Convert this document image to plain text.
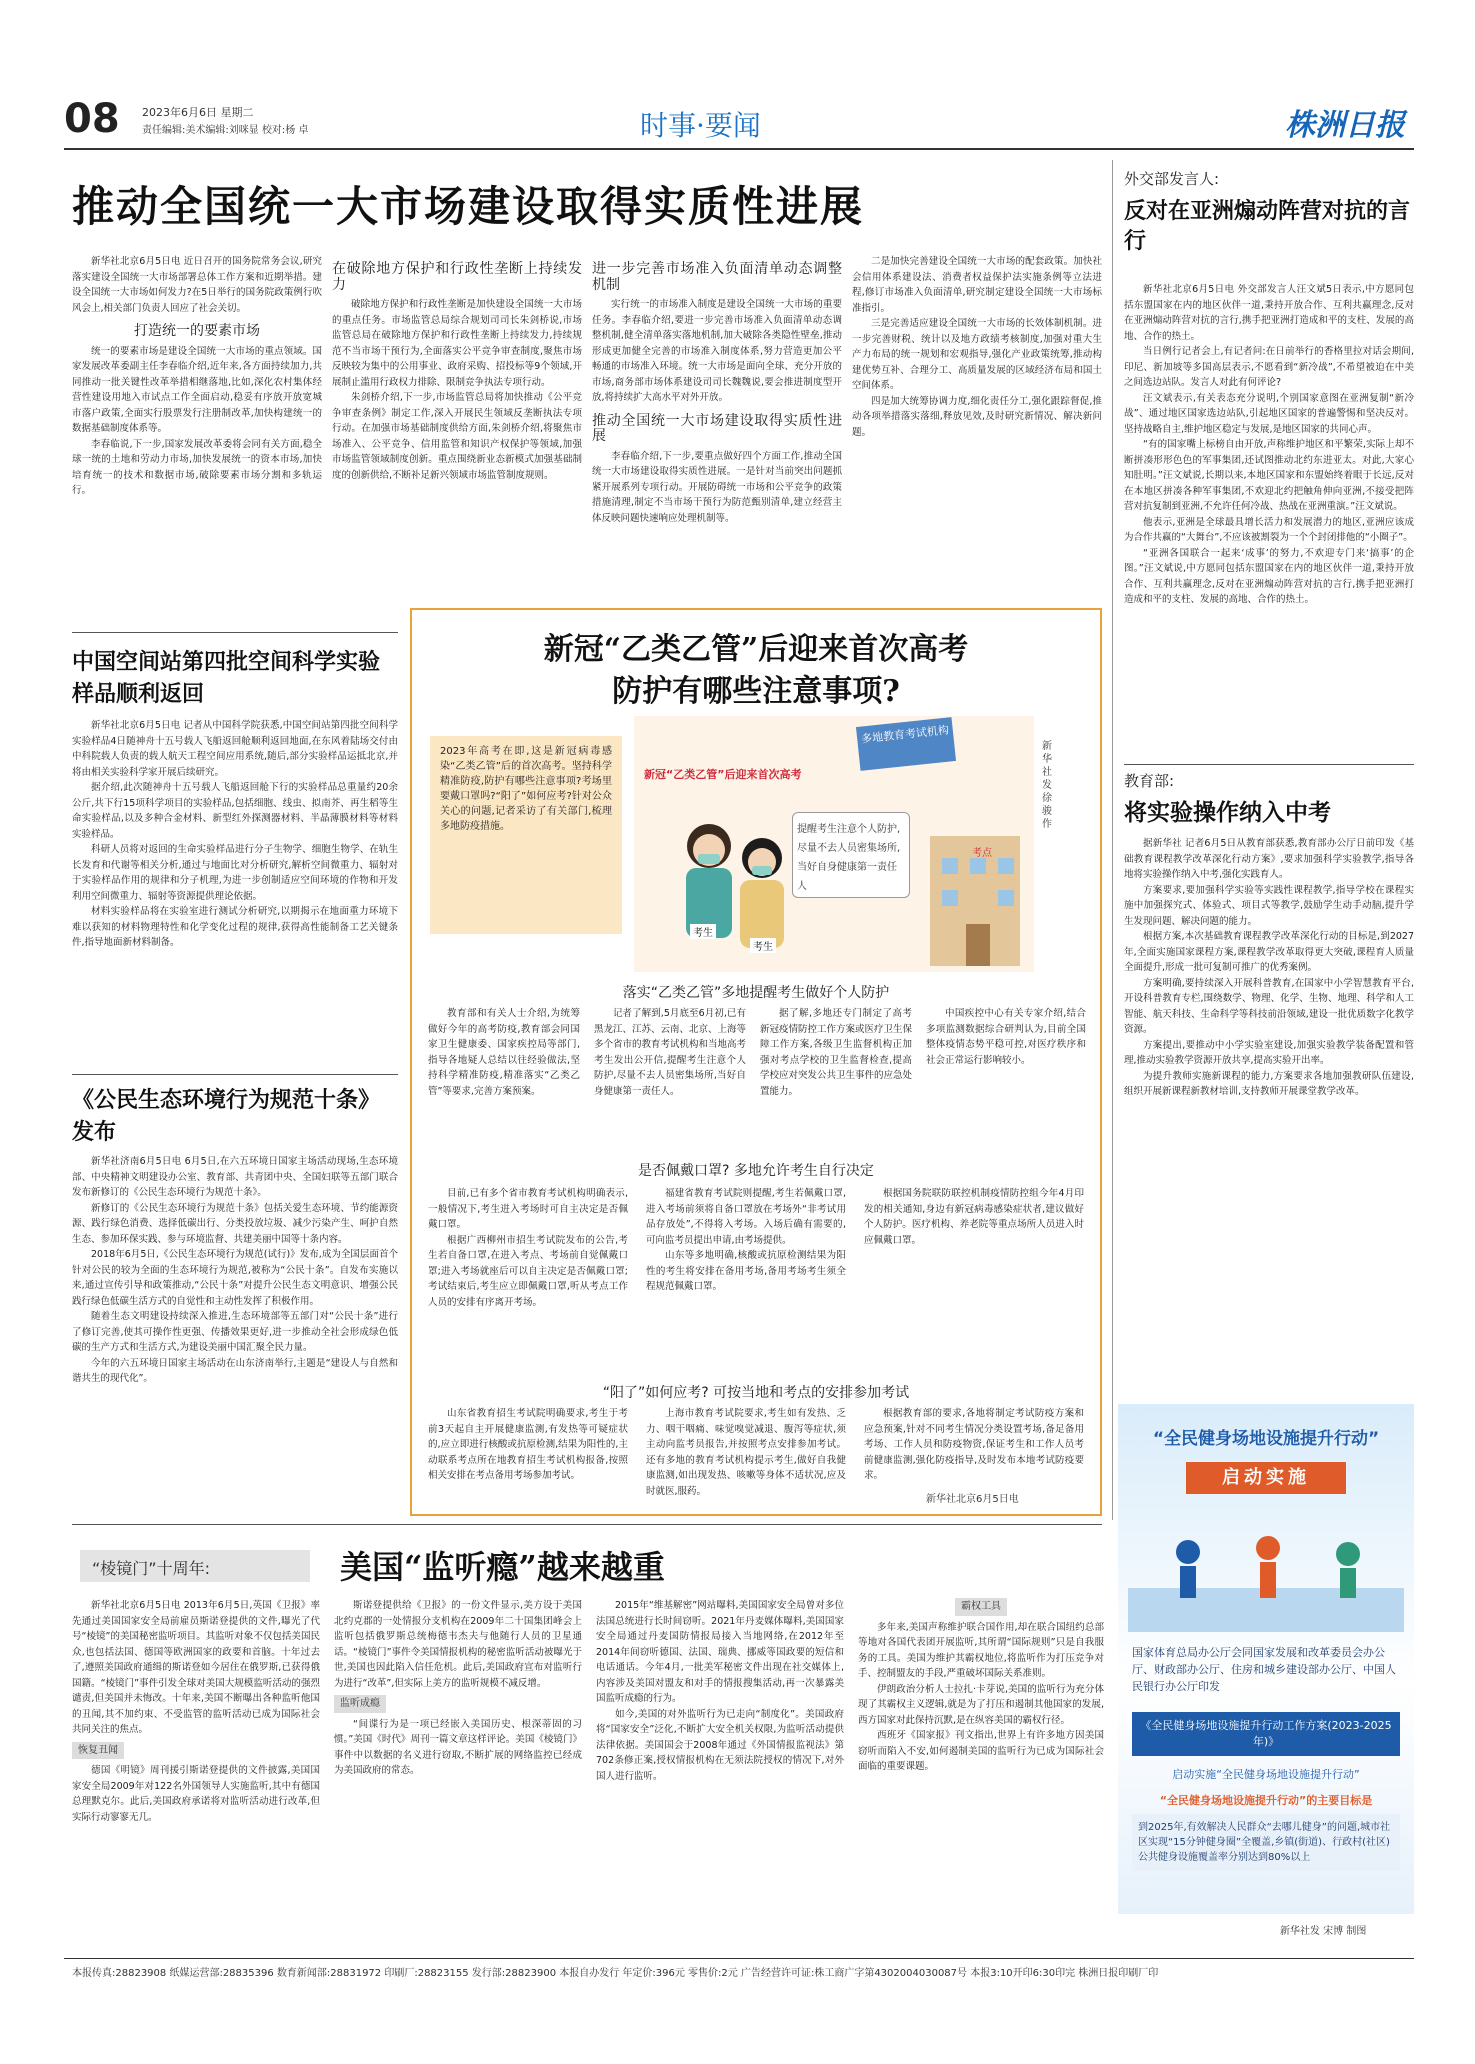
08 2023年6月6日 星期二
责任编辑:美术编辑:刘咪显 校对:杨 卓	时事·要闻	株洲日报
推动全国统一大市场建设取得实质性进展

新华社北京6月5日电 近日召开的国务院常务会议,研究落实建设全国统一大市场部署总体工作方案和近期举措。建设全国统一大市场如何发力?在5日举行的国务院政策例行吹风会上,相关部门负责人回应了社会关切。

打造统一的要素市场

统一的要素市场是建设全国统一大市场的重点领域。国家发展改革委副主任李春临介绍,近年来,各方面持续加力,共同推动一批关键性改革举措相继落地,比如,深化农村集体经营性建设用地入市试点工作全面启动,稳妥有序放开放宽城市落户政策,全面实行股票发行注册制改革,加快构建统一的数据基础制度体系等。

李春临说,下一步,国家发展改革委将会同有关方面,稳全球一统的土地和劳动力市场,加快发展统一的资本市场,加快培育统一的技术和数据市场,破除要素市场分割和多轨运行。

在破除地方保护和行政性垄断上持续发力

破除地方保护和行政性垄断是加快建设全国统一大市场的重点任务。市场监管总局综合规划司司长朱剑桥说,市场监管总局在破除地方保护和行政性垄断上持续发力,持续规范不当市场干预行为,全面落实公平竞争审查制度,聚焦市场反映较为集中的公用事业、政府采购、招投标等9个领域,开展制止滥用行政权力排除、限制竞争执法专项行动。

朱剑桥介绍,下一步,市场监管总局将加快推动《公平竞争审查条例》制定工作,深入开展民生领域反垄断执法专项行动。在加强市场基础制度供给方面,朱剑桥介绍,将聚焦市场准入、公平竞争、信用监管和知识产权保护等领域,加强市场监管领域制度创新。重点围绕新业态新模式加强基础制度的创新供给,不断补足新兴领域市场监管制度规则。

进一步完善市场准入负面清单动态调整机制

实行统一的市场准入制度是建设全国统一大市场的重要任务。李春临介绍,要进一步完善市场准入负面清单动态调整机制,健全清单落实落地机制,加大破除各类隐性壁垒,推动形成更加健全完善的市场准入制度体系,努力营造更加公平畅通的市场准入环境。统一大市场是面向全球、充分开放的市场,商务部市场体系建设司司长魏魏说,要会推进制度型开放,将持续扩大高水平对外开放。

推动全国统一大市场建设取得实质性进展

李春临介绍,下一步,要重点做好四个方面工作,推动全国统一大市场建设取得实质性进展。一是针对当前突出问题抓紧开展系列专项行动。开展防碍统一市场和公平竞争的政策措施清理,制定不当市场干预行为防范甄别清单,建立经营主体反映问题快速响应处理机制等。

二是加快完善建设全国统一大市场的配套政策。加快社会信用体系建设法、消费者权益保护法实施条例等立法进程,修订市场准入负面清单,研究制定建设全国统一大市场标准指引。

三是完善适应建设全国统一大市场的长效体制机制。进一步完善财税、统计以及地方政绩考核制度,加强对重大生产力布局的统一规划和宏观指导,强化产业政策统筹,推动构建优势互补、合理分工、高质量发展的区域经济布局和国土空间体系。

四是加大统筹协调力度,细化责任分工,强化跟踪督促,推动各项举措落实落细,释放见效,及时研究新情况、解决新问题。

外交部发言人:
反对在亚洲煽动阵营对抗的言行

新华社北京6月5日电 外交部发言人汪文斌5日表示,中方愿同包括东盟国家在内的地区伙伴一道,秉持开放合作、互利共赢理念,反对在亚洲煽动阵营对抗的言行,携手把亚洲打造成和平的支柱、发展的高地、合作的热土。

当日例行记者会上,有记者问:在日前举行的香格里拉对话会期间,印尼、新加坡等多国高层表示,不愿看到“新冷战”,不希望被迫在中美之间选边站队。发言人对此有何评论?

汪文斌表示,有关表态充分说明,个别国家意图在亚洲复制“新冷战”、通过地区国家选边站队,引起地区国家的普遍警惕和坚决反对。坚持战略自主,维护地区稳定与发展,是地区国家的共同心声。

“有的国家嘴上标榜自由开放,声称维护地区和平繁荣,实际上却不断拼凑形形色色的军事集团,还试图推动北约东进亚太。对此,大家心知肚明。”汪文斌说,长期以来,本地区国家和东盟始终着眼于长远,反对在本地区拼凑各种军事集团,不欢迎北约把触角伸向亚洲,不接受把阵营对抗复制到亚洲,不允许任何冷战、热战在亚洲重演。”汪文斌说。

他表示,亚洲是全球最具增长活力和发展潜力的地区,亚洲应该成为合作共赢的“大舞台”,不应该被割裂为一个个封闭排他的“小圈子”。

“亚洲各国联合一起来‘成事’的努力,不欢迎专门来‘搞事’的企图。”汪文斌说,中方愿同包括东盟国家在内的地区伙伴一道,秉持开放合作、互利共赢理念,反对在亚洲煽动阵营对抗的言行,携手把亚洲打造成和平的支柱、发展的高地、合作的热土。

教育部:
将实验操作纳入中考

据新华社 记者6月5日从教育部获悉,教育部办公厅日前印发《基础教育课程教学改革深化行动方案》,要求加强科学实验教学,指导各地将实验操作纳入中考,强化实践育人。

方案要求,要加强科学实验等实践性课程教学,指导学校在课程实施中加强探究式、体验式、项目式等教学,鼓励学生动手动脑,提升学生发现问题、解决问题的能力。

根据方案,本次基础教育课程教学改革深化行动的目标是,到2027年,全面实施国家课程方案,课程教学改革取得更大突破,课程育人质量全面提升,形成一批可复制可推广的优秀案例。

方案明确,要持续深入开展科普教育,在国家中小学智慧教育平台,开设科普教育专栏,围绕数学、物理、化学、生物、地理、科学和人工智能、航天科技、生命科学等科技前沿领域,建设一批优质数字化教学资源。

方案提出,要推动中小学实验室建设,加强实验教学装备配置和管理,推动实验教学资源开放共享,提高实验开出率。

为提升教师实施新课程的能力,方案要求各地加强教研队伍建设,组织开展新课程新教材培训,支持教师开展课堂教学改革。

中国空间站第四批空间科学实验样品顺利返回

新华社北京6月5日电 记者从中国科学院获悉,中国空间站第四批空间科学实验样品4日随神舟十五号载人飞船返回舱顺利返回地面,在东风着陆场交付由中科院载人负责的载人航天工程空间应用系统,随后,部分实验样品运抵北京,并将由相关实验科学家开展后续研究。

据介绍,此次随神舟十五号载人飞船返回舱下行的实验样品总重量约20余公斤,共下行15项科学项目的实验样品,包括细胞、线虫、拟南芥、再生稻等生命实验样品,以及多种合金材料、新型红外探测器材料、半晶薄膜材料等材料实验样品。

科研人员将对返回的生命实验样品进行分子生物学、细胞生物学、在轨生长发育和代谢等相关分析,通过与地面比对分析研究,解析空间微重力、辐射对于实验样品作用的规律和分子机理,为进一步创制适应空间环境的作物和开发利用空间微重力、辐射等资源提供理论依据。

材料实验样品将在实验室进行测试分析研究,以期揭示在地面重力环境下难以获知的材料物理特性和化学变化过程的规律,获得高性能制备工艺关键条件,指导地面新材料制备。

《公民生态环境行为规范十条》发布

新华社济南6月5日电 6月5日,在六五环境日国家主场活动现场,生态环境部、中央精神文明建设办公室、教育部、共青团中央、全国妇联等五部门联合发布新修订的《公民生态环境行为规范十条》。

新修订的《公民生态环境行为规范十条》包括关爱生态环境、节约能源资源、践行绿色消费、选择低碳出行、分类投放垃圾、减少污染产生、呵护自然生态、参加环保实践、参与环境监督、共建美丽中国等十条内容。

2018年6月5日,《公民生态环境行为规范(试行)》发布,成为全国层面首个针对公民的较为全面的生态环境行为规范,被称为“公民十条”。自发布实施以来,通过宣传引导和政策推动,“公民十条”对提升公民生态文明意识、增强公民践行绿色低碳生活方式的自觉性和主动性发挥了积极作用。

随着生态文明建设持续深入推进,生态环境部等五部门对“公民十条”进行了修订完善,使其可操作性更强、传播效果更好,进一步推动全社会形成绿色低碳的生产方式和生活方式,为建设美丽中国汇聚全民力量。

今年的六五环境日国家主场活动在山东济南举行,主题是“建设人与自然和谐共生的现代化”。

新冠“乙类乙管”后迎来首次高考
防护有哪些注意事项?
2023年高考在即,这是新冠病毒感染“乙类乙管”后的首次高考。坚持科学精准防疫,防护有哪些注意事项?考场里要戴口罩吗?“阳了”如何应考?针对公众关心的问题,记者采访了有关部门,梳理多地防疫措施。
多地教育考试机构
新冠“乙类乙管”后迎来首次高考
提醒考生注意个人防护,尽量不去人员密集场所,当好自身健康第一责任人
考生
考生
考点
新华社发 徐骏作
落实“乙类乙管”多地提醒考生做好个人防护

教育部和有关人士介绍,为统筹做好今年的高考防疫,教育部会同国家卫生健康委、国家疾控局等部门,指导各地疑人总结以往经验做法,坚持科学精准防疫,精准落实“乙类乙管”等要求,完善方案预案。

记者了解到,5月底至6月初,已有黑龙江、江苏、云南、北京、上海等多个省市的教育考试机构和当地高考考生发出公开信,提醒考生注意个人防护,尽量不去人员密集场所,当好自身健康第一责任人。

据了解,多地还专门制定了高考新冠疫情防控工作方案或医疗卫生保障工作方案,各级卫生监督机构正加强对考点学校的卫生监督检查,提高学校应对突发公共卫生事件的应急处置能力。

中国疾控中心有关专家介绍,结合多项监测数据综合研判认为,目前全国整体疫情态势平稳可控,对医疗秩序和社会正常运行影响较小。

是否佩戴口罩? 多地允许考生自行决定

目前,已有多个省市教育考试机构明确表示,一般情况下,考生进入考场时可自主决定是否佩戴口罩。

根据广西柳州市招生考试院发布的公告,考生若自备口罩,在进入考点、考场前自觉佩戴口罩;进入考场就座后可以自主决定是否佩戴口罩;考试结束后,考生应立即佩戴口罩,听从考点工作人员的安排有序离开考场。

福建省教育考试院则提醒,考生若佩戴口罩,进入考场前须将自备口罩放在考场外“非考试用品存放处”,不得将入考场。入场后确有需要的,可向监考员提出申请,由考场提供。

山东等多地明确,核酸或抗原检测结果为阳性的考生将安排在备用考场,备用考场考生须全程规范佩戴口罩。

根据国务院联防联控机制疫情防控组今年4月印发的相关通知,身边有新冠病毒感染症状者,建议做好个人防护。医疗机构、养老院等重点场所人员进入时应佩戴口罩。

“阳了”如何应考? 可按当地和考点的安排参加考试

山东省教育招生考试院明确要求,考生于考前3天起自主开展健康监测,有发热等可疑症状的,应立即进行核酸或抗原检测,结果为阳性的,主动联系考点所在地教育招生考试机构报备,按照相关安排在考点备用考场参加考试。

上海市教育考试院要求,考生如有发热、乏力、咽干咽痛、味觉嗅觉减退、腹泻等症状,须主动向监考员报告,并按照考点安排参加考试。还有多地的教育考试机构提示考生,做好自我健康监测,如出现发热、咳嗽等身体不适状况,应及时就医,服药。

根据教育部的要求,各地将制定考试防疫方案和应急预案,针对不同考生情况分类设置考场,备足备用考场、工作人员和防疫物资,保证考生和工作人员考前健康监测,强化防疫指导,及时发布本地考试防疫要求。

新华社北京6月5日电
“全民健身场地设施提升行动”
启动实施
国家体育总局办公厅会同国家发展和改革委员会办公厅、财政部办公厅、住房和城乡建设部办公厅、中国人民银行办公厅印发
《全民健身场地设施提升行动工作方案(2023-2025年)》
启动实施“全民健身场地设施提升行动”
“全民健身场地设施提升行动”的主要目标是
到2025年,有效解决人民群众“去哪儿健身”的问题,城市社区实现“15分钟健身圈”全覆盖,乡镇(街道)、行政村(社区)公共健身设施覆盖率分别达到80%以上
新华社发 宋博 制图
“棱镜门”十周年:	美国“监听瘾”越来越重

新华社北京6月5日电 2013年6月5日,英国《卫报》率先通过美国国家安全局前雇员斯诺登提供的文件,曝光了代号“棱镜”的美国秘密监听项目。其监听对象不仅包括美国民众,也包括法国、德国等欧洲国家的政要和首脑。十年过去了,遵照美国政府通缉的斯诺登如今居住在俄罗斯,已获得俄国籍。“棱镜门”事件引发全球对美国大规模监听活动的强烈谴责,但美国并未悔改。十年来,美国不断曝出各种监听他国的丑闻,其不加约束、不受监管的监听活动已成为国际社会共同关注的焦点。

恢复丑闻

德国《明镜》周刊援引斯诺登提供的文件披露,美国国家安全局2009年对122名外国领导人实施监听,其中有德国总理默克尔。此后,美国政府承诺将对监听活动进行改革,但实际行动寥寥无几。

斯诺登提供给《卫报》的一份文件显示,美方设于美国北约克郡的一处情报分支机构在2009年二十国集团峰会上监听包括俄罗斯总统梅德韦杰夫与他随行人员的卫星通话。“棱镜门”事件令美国情报机构的秘密监听活动被曝光于世,美国也因此陷入信任危机。此后,美国政府宣布对监听行为进行“改革”,但实际上美方的监听规模不减反增。

监听成瘾

“间谍行为是一项已经嵌入美国历史、根深蒂固的习惯。”美国《时代》周刊一篇文章这样评论。美国《棱镜门》事件中以数据的名义进行窃取,不断扩展的网络监控已经成为美国政府的常态。

2015年“维基解密”网站曝料,美国国家安全局曾对多位法国总统进行长时间窃听。2021年丹麦媒体曝料,美国国家安全局通过丹麦国防情报局接入当地网络,在2012年至2014年间窃听德国、法国、瑞典、挪威等国政要的短信和电话通话。今年4月,一批美军秘密文件出现在社交媒体上,内容涉及美国对盟友和对手的情报搜集活动,再一次暴露美国监听成瘾的行为。

如今,美国的对外监听行为已走向“制度化”。美国政府将“国家安全”泛化,不断扩大安全机关权限,为监听活动提供法律依据。美国国会于2008年通过《外国情报监视法》第702条修正案,授权情报机构在无须法院授权的情况下,对外国人进行监听。

霸权工具

多年来,美国声称维护联合国作用,却在联合国纽约总部等地对各国代表团开展监听,其所谓“国际规则”只是自我服务的工具。美国为维护其霸权地位,将监听作为打压竞争对手、控制盟友的手段,严重破坏国际关系准则。

伊朗政治分析人士拉扎·卡芽说,美国的监听行为充分体现了其霸权主义逻辑,就是为了打压和遏制其他国家的发展,西方国家对此保持沉默,是在纵容美国的霸权行径。

西班牙《国家报》刊文指出,世界上有许多地方因美国窃听而陷入不安,如何遏制美国的监听行为已成为国际社会面临的重要课题。

本报传真:28823908 纸媒运营部:28835396 数育新闻部:28831972 印刷厂:28823155 发行部:28823900 本报自办发行 年定价:396元 零售价:2元 广告经营许可证:株工商广字第4302004030087号 本报3:10开印6:30印完 株洲日报印刷厂印
